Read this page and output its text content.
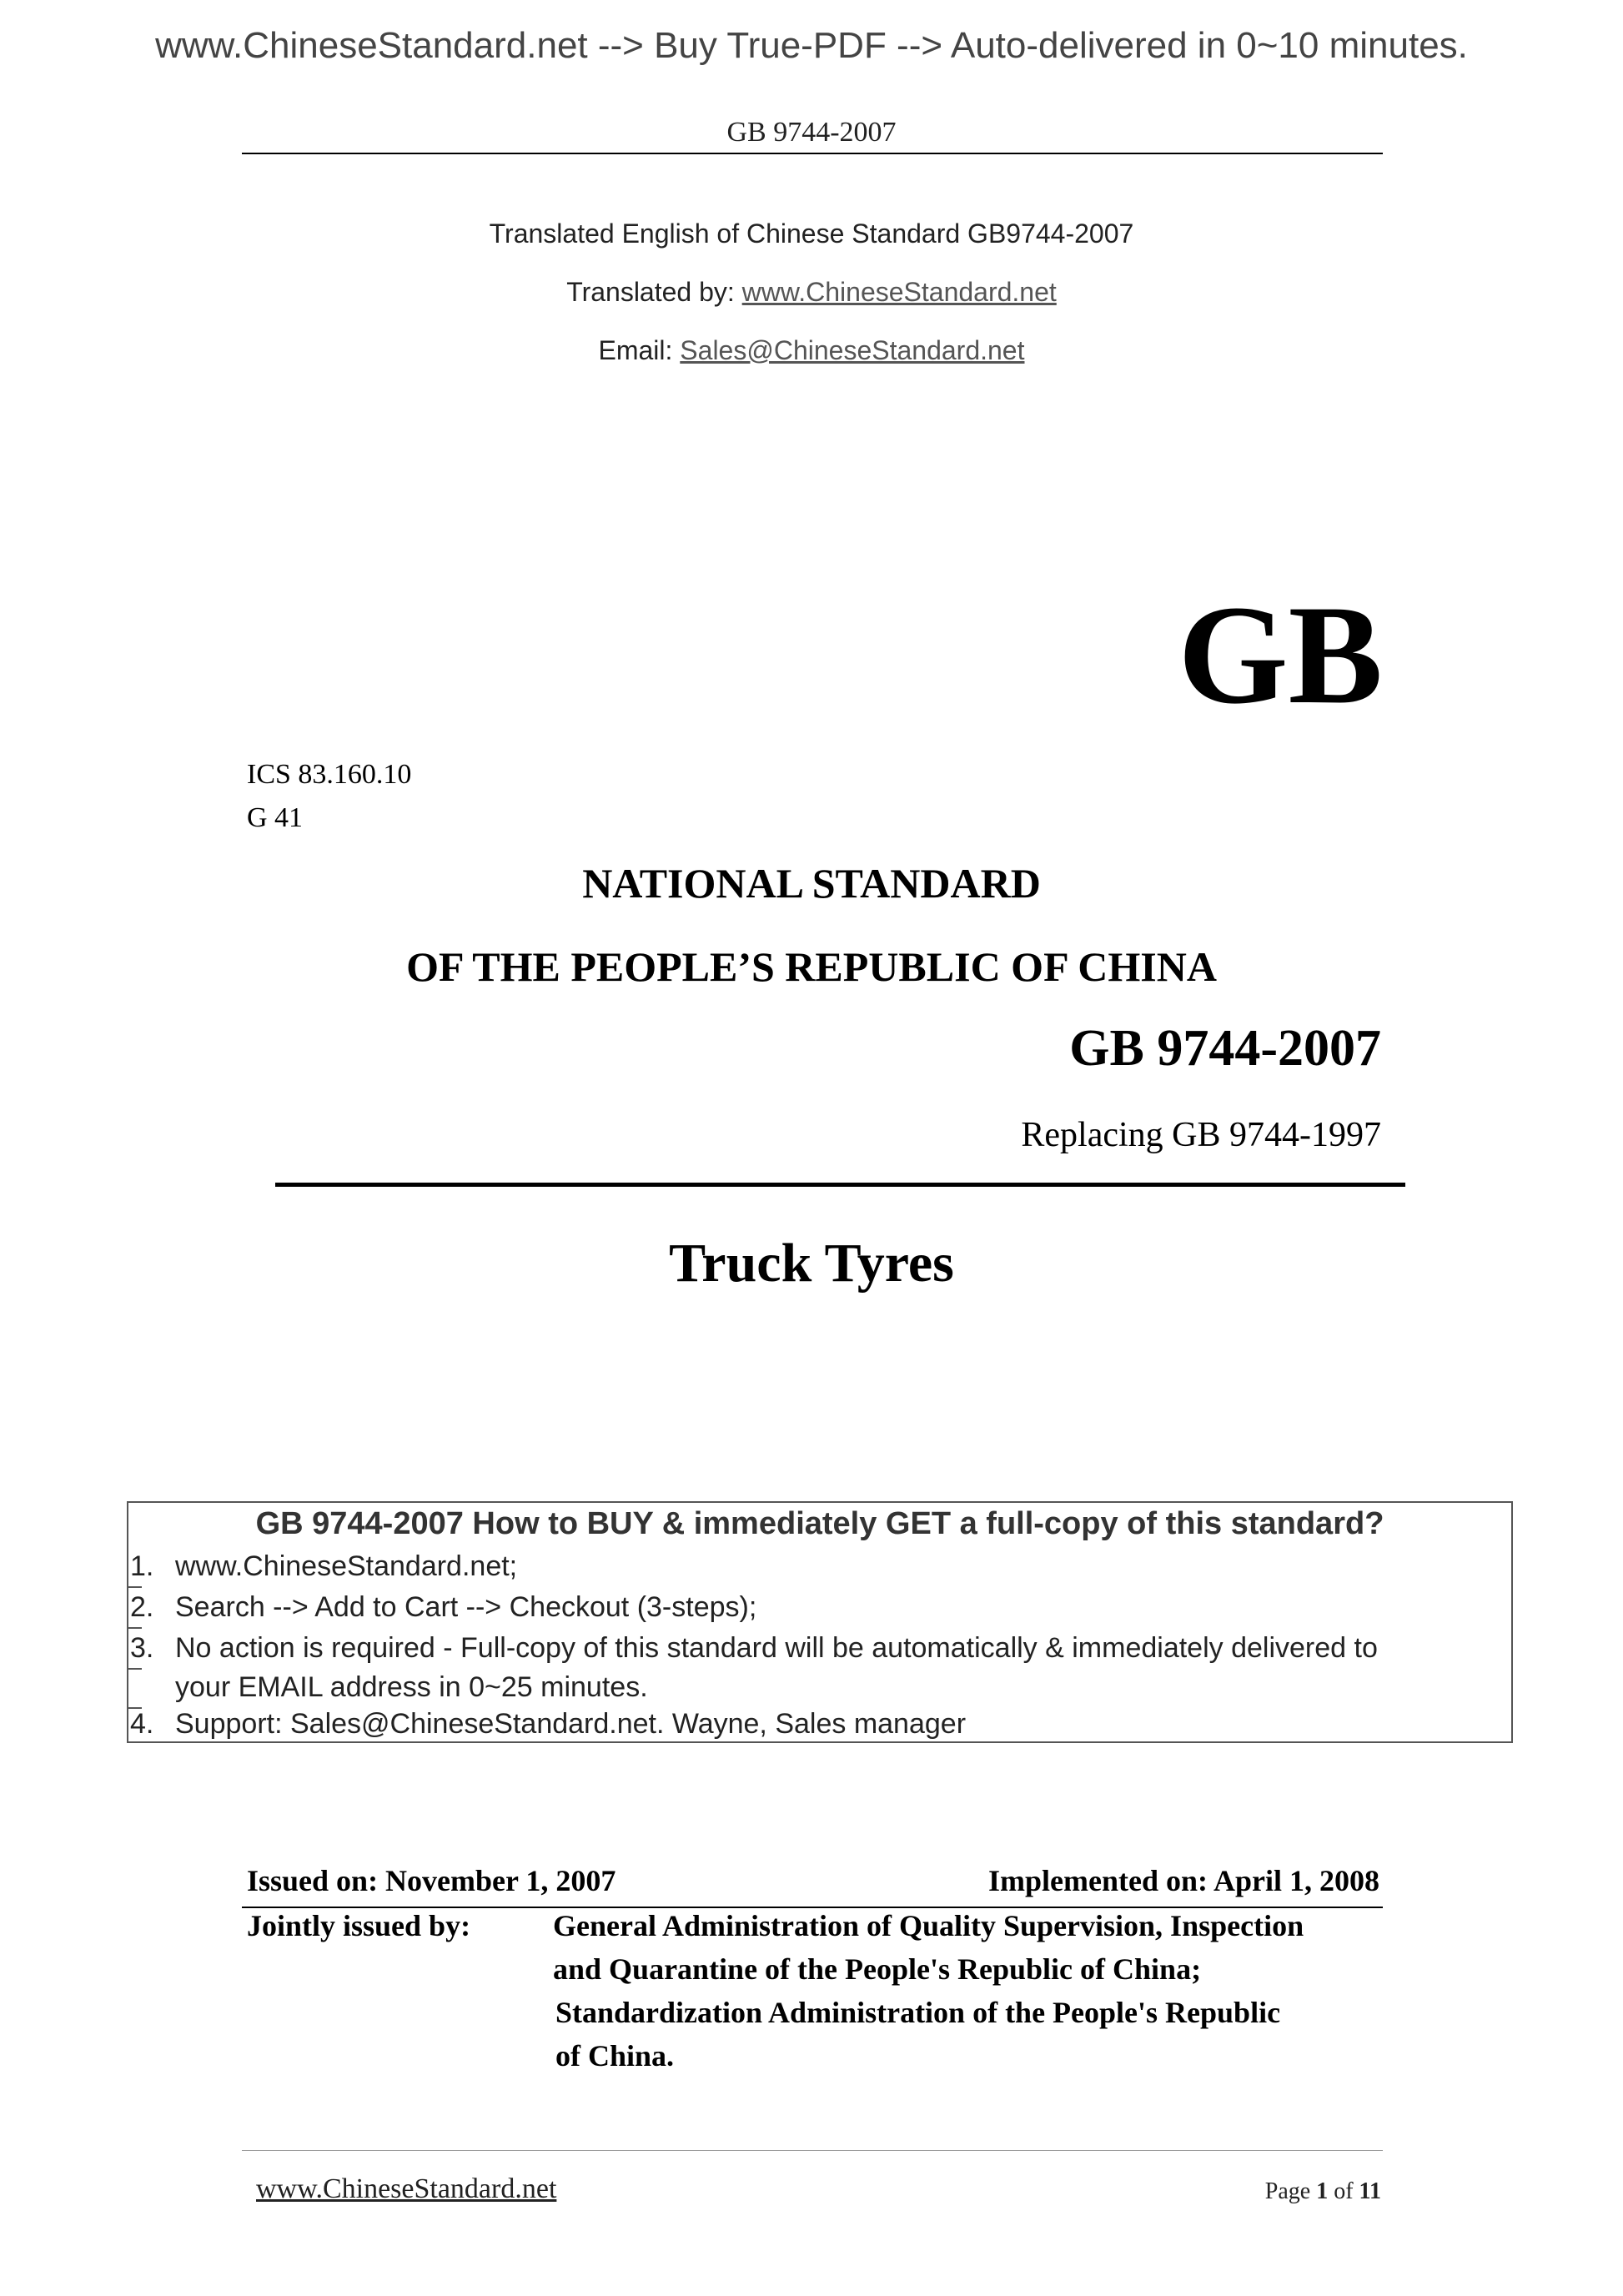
www.ChineseStandard.net --> Buy True-PDF --> Auto-delivered in 0~10 minutes.
GB 9744-2007
Translated English of Chinese Standard GB9744-2007
Translated by: www.ChineseStandard.net
Email: Sales@ChineseStandard.net
GB
ICS 83.160.10
G 41
NATIONAL STANDARD
OF THE PEOPLE’S REPUBLIC OF CHINA
GB 9744-2007
Replacing GB 9744-1997
Truck Tyres
GB 9744-2007 How to BUY & immediately GET a full-copy of this standard?
1. www.ChineseStandard.net;
2. Search --> Add to Cart --> Checkout (3-steps);
3. No action is required - Full-copy of this standard will be automatically & immediately delivered to
your EMAIL address in 0~25 minutes.
4. Support: Sales@ChineseStandard.net. Wayne, Sales manager
Issued on: November 1, 2007	Implemented on: April 1, 2008
Jointly issued by:	General Administration of Quality Supervision, Inspection
and Quarantine of the People's Republic of China;
Standardization Administration of the People's Republic
of China.
www.ChineseStandard.net	Page 1 of 11
